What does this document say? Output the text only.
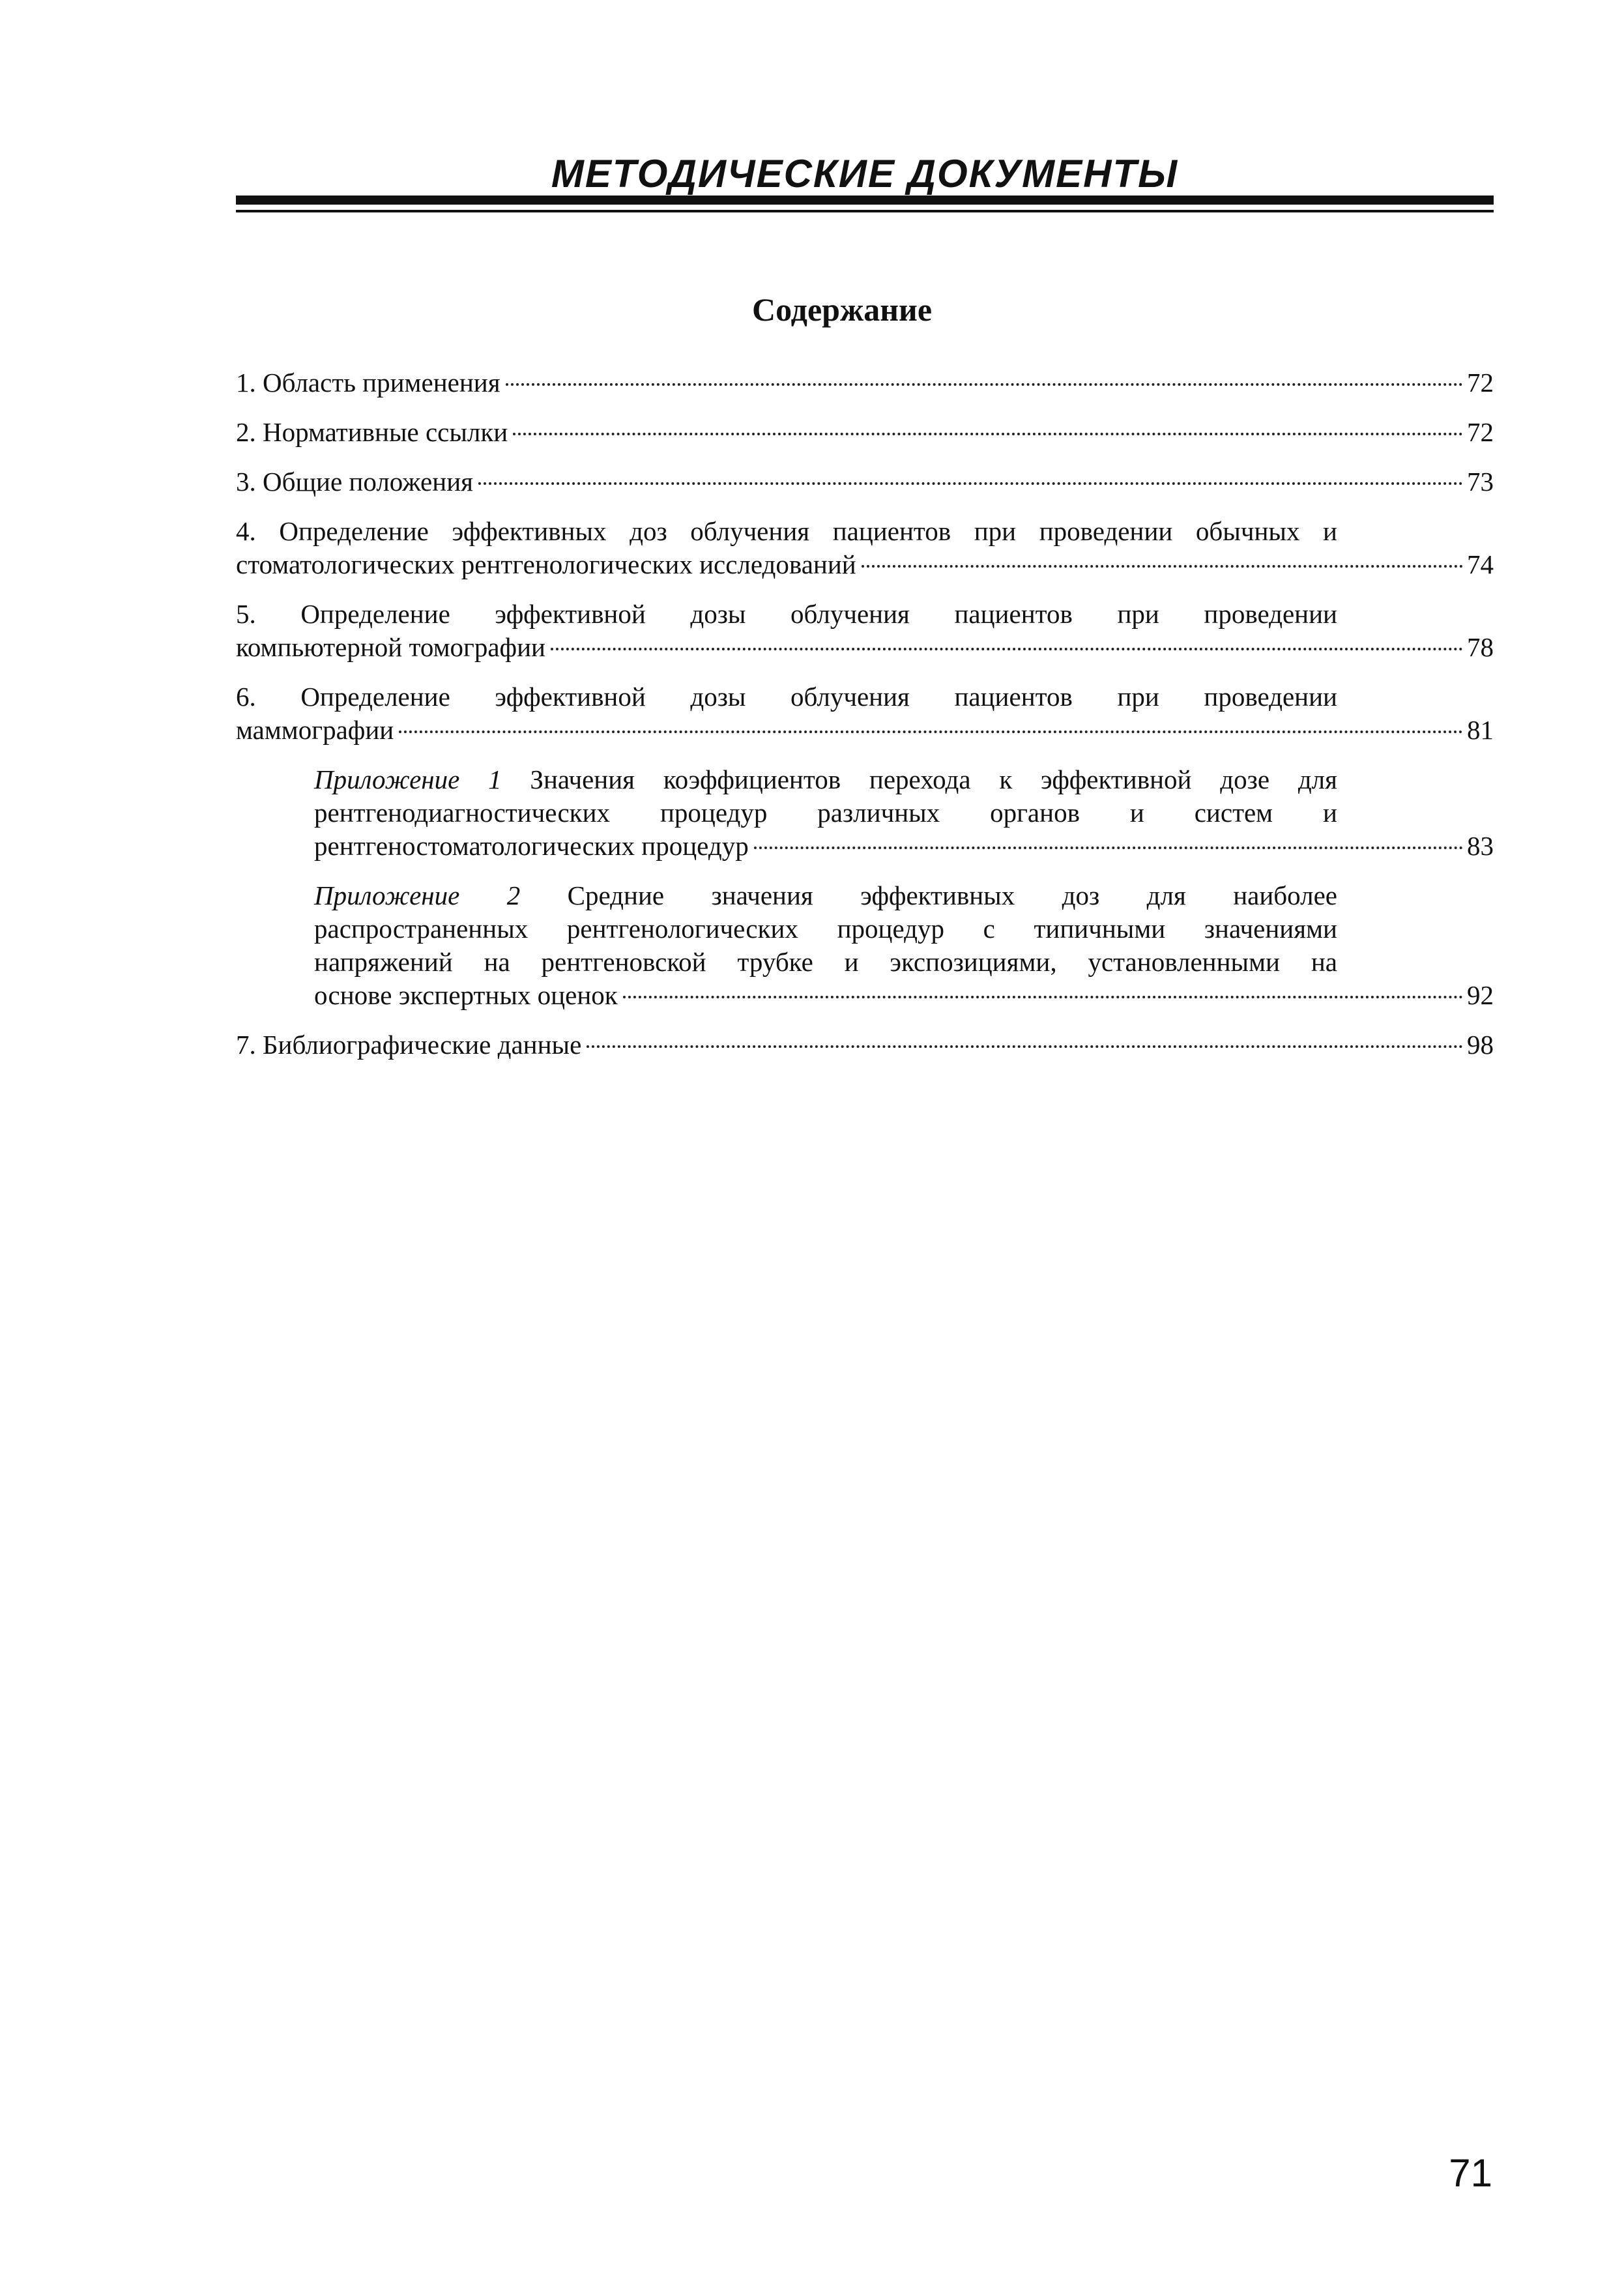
МЕТОДИЧЕСКИЕ ДОКУМЕНТЫ
Содержание
1. Область применения	72
2. Нормативные ссылки	72
3. Общие положения	73
4. Определение эффективных доз облучения пациентов при проведении обычных и
стоматологических рентгенологических исследований	74
5. Определение эффективной дозы облучения пациентов при проведении
компьютерной томографии	78
6. Определение эффективной дозы облучения пациентов при проведении
маммографии	81
Приложение 1 Значения коэффициентов перехода к эффективной дозе для
рентгенодиагностических процедур различных органов и систем и
рентгеностоматологических процедур	83
Приложение 2 Средние значения эффективных доз для наиболее
распространенных рентгенологических процедур с типичными значениями
напряжений на рентгеновской трубке и экспозициями, установленными на
основе экспертных оценок	92
7. Библиографические данные	98
71
